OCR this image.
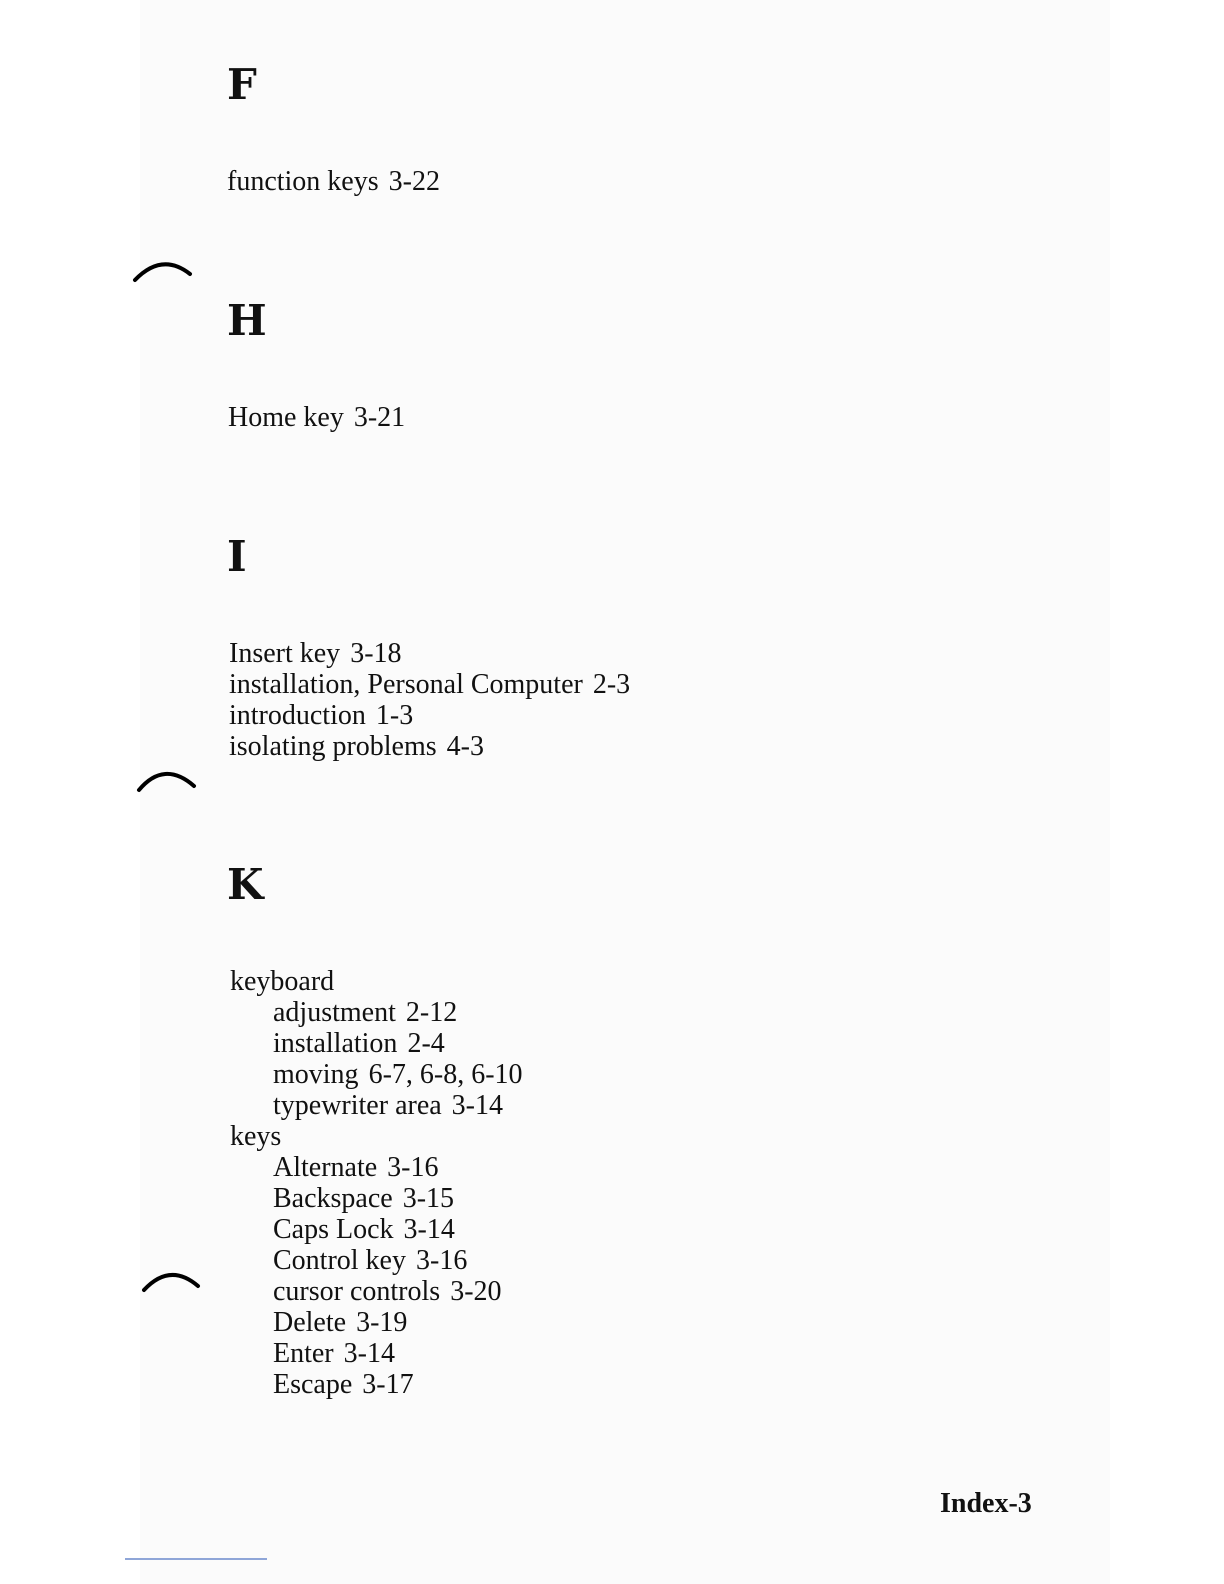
F
function keys 3-22
H
Home key 3-21
I
Insert key 3-18
installation, Personal Computer 2-3
introduction 1-3
isolating problems 4-3
K
keyboard
adjustment 2-12
installation 2-4
moving 6-7, 6-8, 6-10
typewriter area 3-14
keys
Alternate 3-16
Backspace 3-15
Caps Lock 3-14
Control key 3-16
cursor controls 3-20
Delete 3-19
Enter 3-14
Escape 3-17
Index-3
